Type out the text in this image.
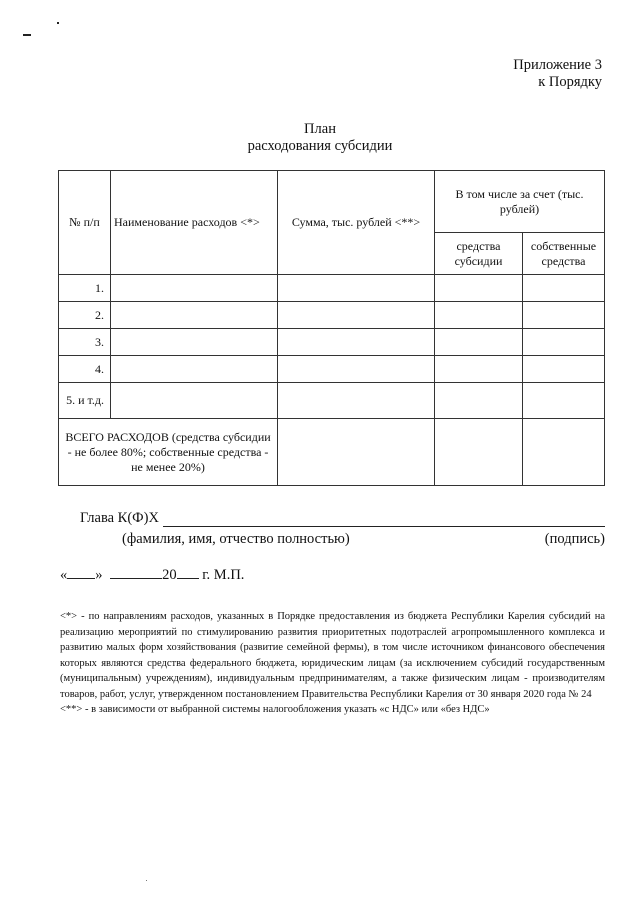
Приложение 3
к Порядку
План
расходования субсидии
№ п/п	Наименование расходов <*>	Сумма, тыс. рублей <**>	В том числе за счет (тыс. рублей)	
			средства субсидии	собственные средства
1.				
2.				
3.				
4.				
5. и т.д.				
ВСЕГО РАСХОДОВ (средства субсидии - не более 80%; собственные средства - не менее 20%)				
Глава К(Ф)Х
(фамилия, имя, отчество полностью)	(подпись)
« »	20 г. М.П.

<*> - по направлениям расходов, указанных в Порядке предоставления из бюджета Республики Карелия субсидий на реализацию мероприятий по стимулированию развития приоритетных подотраслей агропромышленного комплекса и развитию малых форм хозяйствования (развитие семейной фермы), в том числе источником финансового обеспечения которых являются средства федерального бюджета, юридическим лицам (за исключением субсидий государственным (муниципальным) учреждениям), индивидуальным предпринимателям, а также физическим лицам - производителям товаров, работ, услуг, утвержденном постановлением Правительства Республики Карелия от 30 января 2020 года № 24

<**> - в зависимости от выбранной системы налогообложения указать «с НДС» или «без НДС»
